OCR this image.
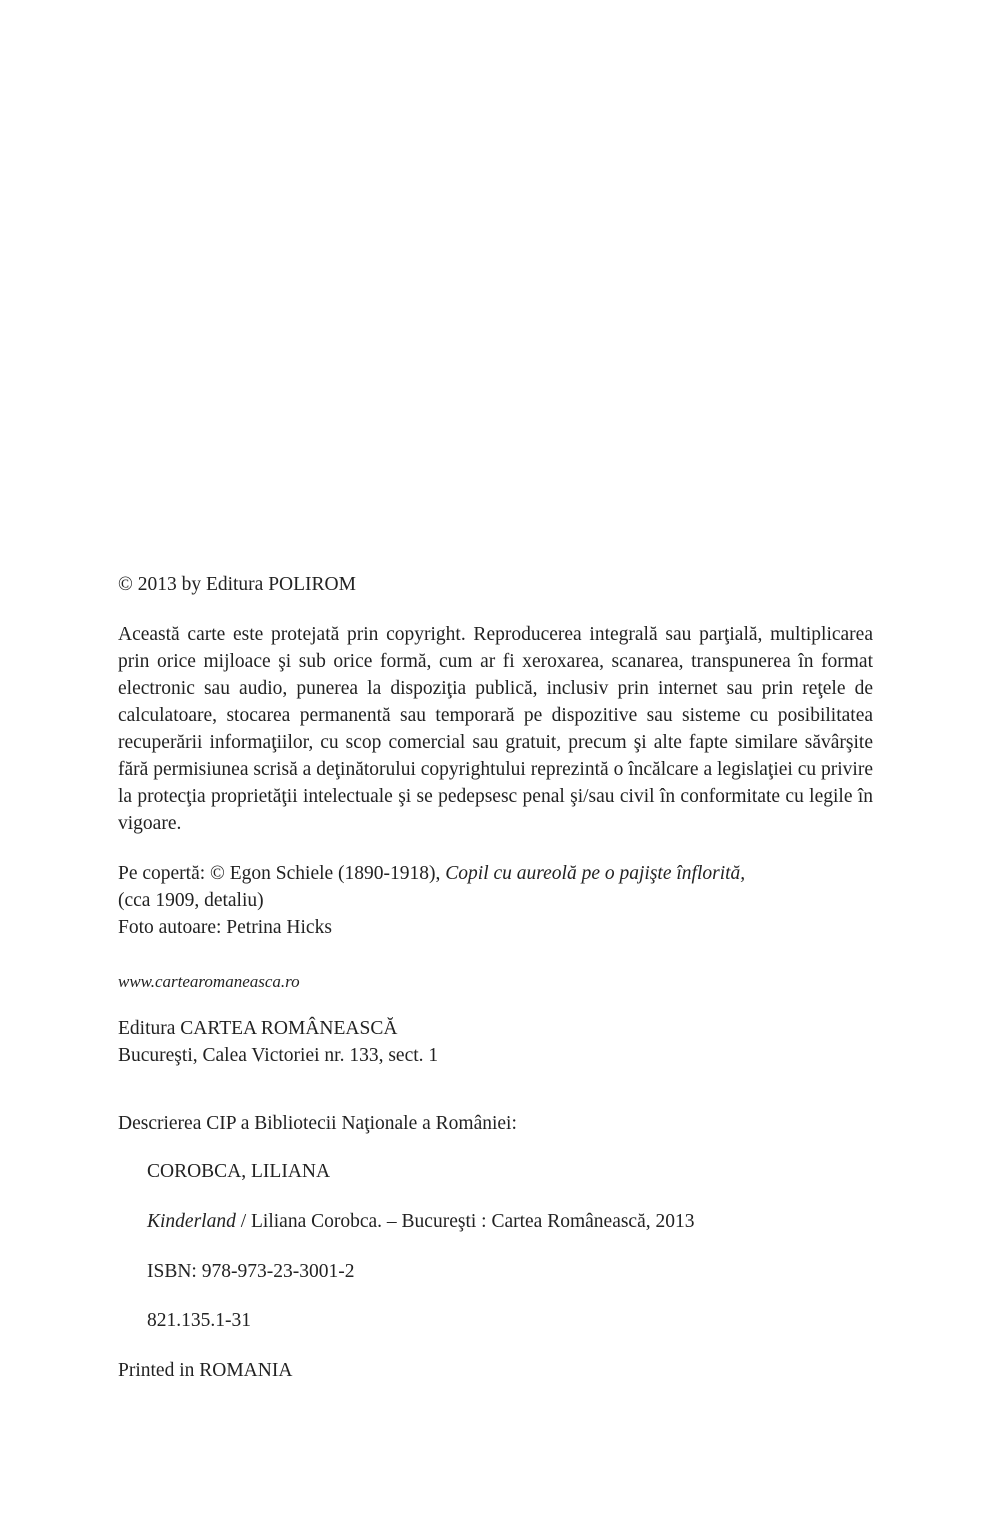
© 2013 by Editura POLIROM
Această carte este protejată prin copyright. Reproducerea integrală sau parţială, multiplicarea prin orice mijloace şi sub orice formă, cum ar fi xeroxarea, scanarea, transpunerea în format electronic sau audio, punerea la dispoziţia publică, inclusiv prin internet sau prin reţele de calculatoare, stocarea permanentă sau temporară pe dispozitive sau sisteme cu posibilitatea recuperării informaţiilor, cu scop comercial sau gratuit, precum şi alte fapte similare săvârşite fără permisiunea scrisă a deţinătorului copyrightului reprezintă o încălcare a legislaţiei cu privire la protecţia proprietăţii intelectuale şi se pedepsesc penal şi/sau civil în conformitate cu legile în vigoare.
Pe copertă: © Egon Schiele (1890-1918), Copil cu aureolă pe o pajişte înflorită,
(cca 1909, detaliu)
Foto autoare: Petrina Hicks
www.cartearomaneasca.ro
Editura CARTEA ROMÂNEASCĂ
Bucureşti, Calea Victoriei nr. 133, sect. 1
Descrierea CIP a Bibliotecii Naţionale a României:
COROBCA, LILIANA
Kinderland / Liliana Corobca. – Bucureşti : Cartea Românească, 2013
ISBN: 978-973-23-3001-2
821.135.1-31
Printed in ROMANIA
